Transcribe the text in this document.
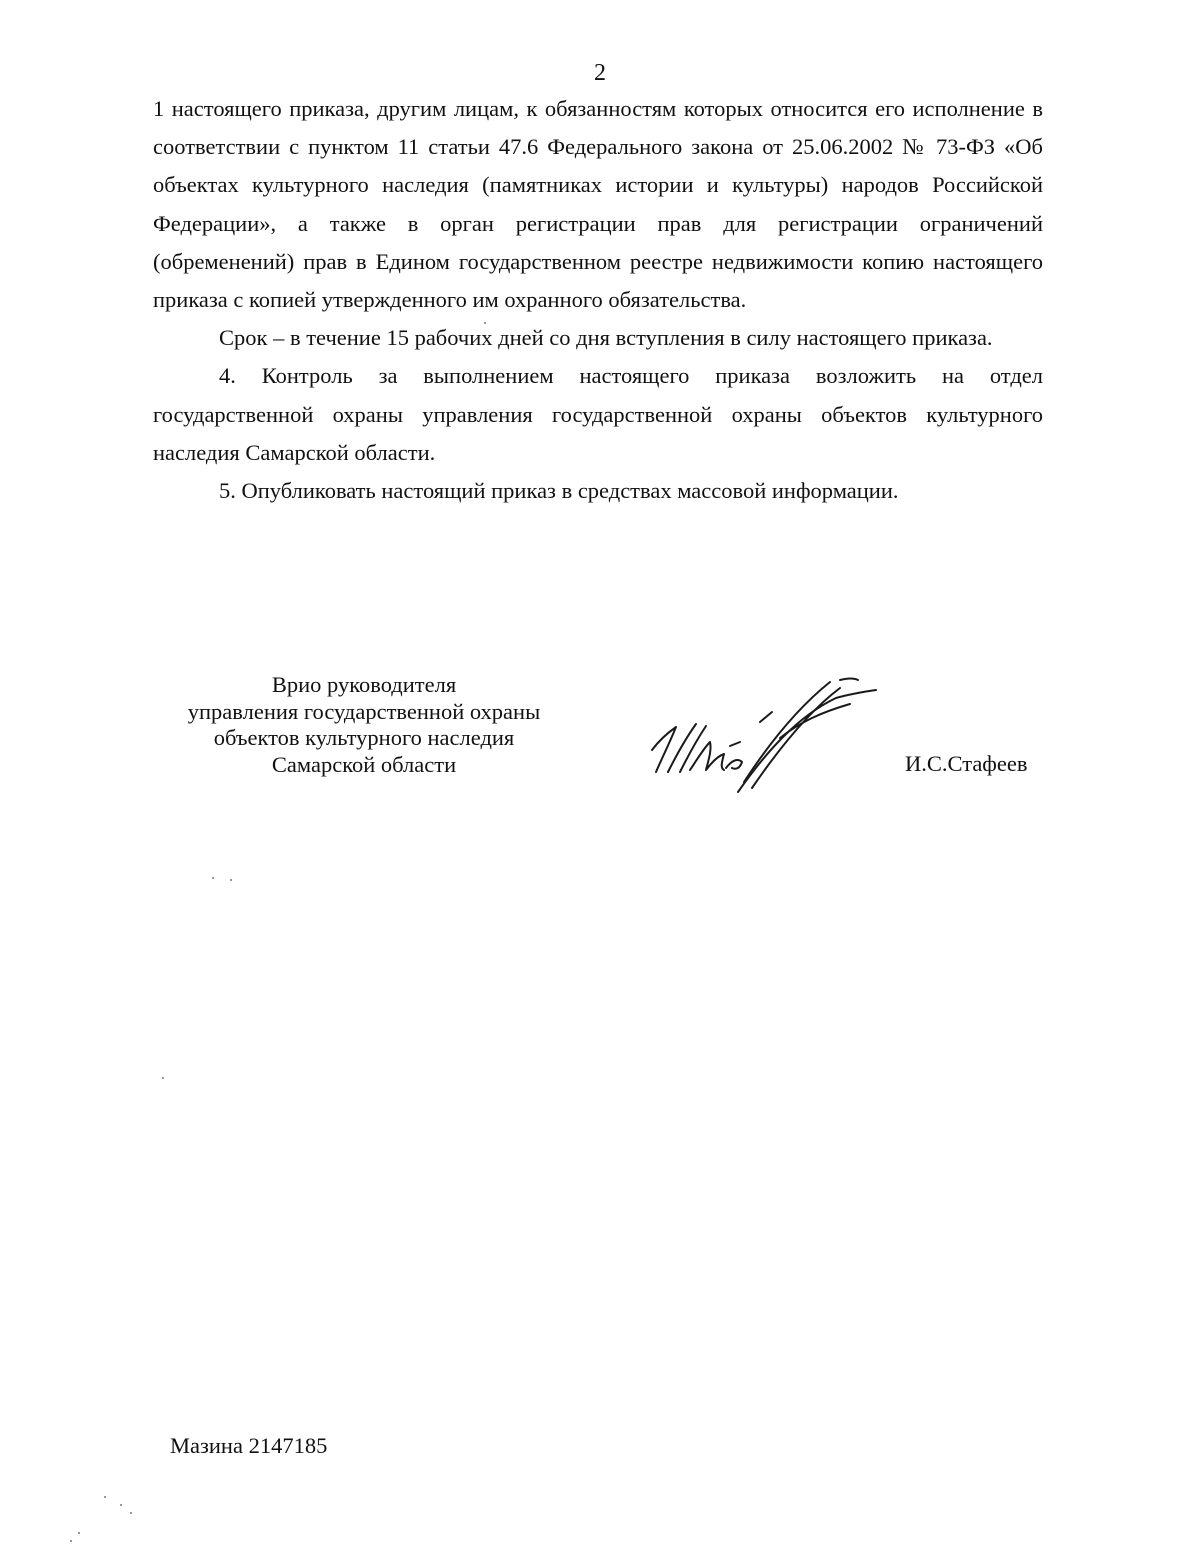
2

1 настоящего приказа, другим лицам, к обязанностям которых относится его исполнение в соответствии с пунктом 11 статьи 47.6 Федерального закона от 25.06.2002 № 73-ФЗ «Об объектах культурного наследия (памятниках истории и культуры) народов Российской Федерации», а также в орган регистрации прав для регистрации ограничений (обременений) прав в Едином государственном реестре недвижимости копию настоящего приказа с копией утвержденного им охранного обязательства.

Срок – в течение 15 рабочих дней со дня вступления в силу настоящего приказа.

4. Контроль за выполнением настоящего приказа возложить на отдел государственной охраны управления государственной охраны объектов культурного наследия Самарской области.

5. Опубликовать настоящий приказ в средствах массовой информации.

Врио руководителя
управления государственной охраны
объектов культурного наследия
Самарской области	И.С.Стафеев
Мазина 2147185
